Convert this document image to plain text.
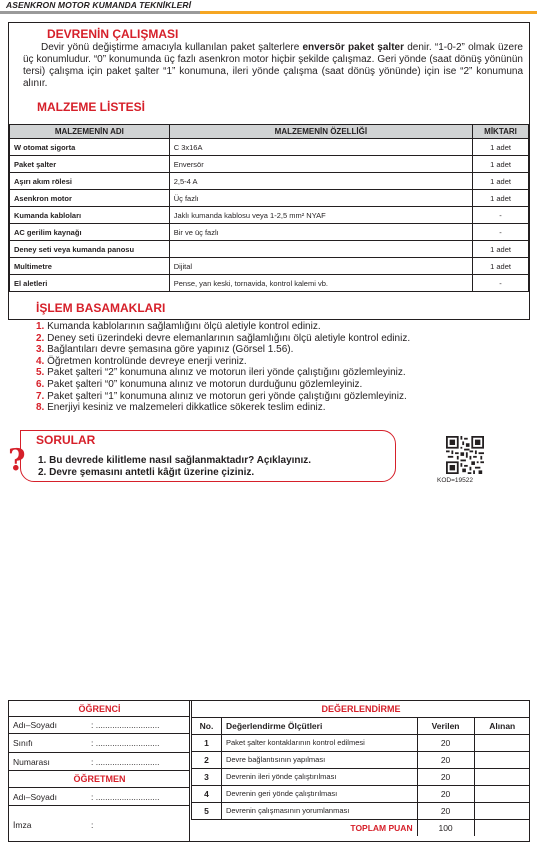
ASENKRON MOTOR KUMANDA TEKNİKLERİ
DEVRENİN ÇALIŞMASI
Devir yönü değiştirme amacıyla kullanılan paket şalterlere enversör paket şalter denir. “1-0-2” olmak üzere üç konumludur. “0” konumunda üç fazlı asenkron motor hiçbir şekilde çalışmaz. Geri yönde (saat dönüş yönünün tersi) çalışma için paket şalter “1” konumuna, ileri yönde çalışma (saat dönüş yönünde) için ise “2” konumuna alınır.
MALZEME LİSTESİ
MALZEMENİN ADI	MALZEMENİN ÖZELLİĞİ	MİKTARI
W otomat sigorta	C 3x16A	1 adet
Paket şalter	Enversör	1 adet
Aşırı akım rölesi	2,5-4 A	1 adet
Asenkron motor	Üç fazlı	1 adet
Kumanda kabloları	Jaklı kumanda kablosu veya 1-2,5 mm² NYAF	-
AC gerilim kaynağı	Bir ve üç fazlı	-
Deney seti veya kumanda panosu		1 adet
Multimetre	Dijital	1 adet
El aletleri	Pense, yan keski, tornavida, kontrol kalemi vb.	-
İŞLEM BASAMAKLARI
1. Kumanda kablolarının sağlamlığını ölçü aletiyle kontrol ediniz.
2. Deney seti üzerindeki devre elemanlarının sağlamlığını ölçü aletiyle kontrol ediniz.
3. Bağlantıları devre şemasına göre yapınız (Görsel 1.56).
4. Öğretmen kontrolünde devreye enerji veriniz.
5. Paket şalteri “2” konumuna alınız ve motorun ileri yönde çalıştığını gözlemleyiniz.
6. Paket şalteri “0” konumuna alınız ve motorun durduğunu gözlemleyiniz.
7. Paket şalteri “1” konumuna alınız ve motorun geri yönde çalıştığını gözlemleyiniz.
8. Enerjiyi kesiniz ve malzemeleri dikkatlice sökerek teslim ediniz.
SORULAR
? 1. Bu devrede kilitleme nasıl sağlanmaktadır? Açıklayınız.
2. Devre şemasını antetli kâğıt üzerine çiziniz.
KOD=19522
ÖĞRENCİ
Adı–Soyadı	: ...........................
Sınıfı	: ...........................
Numarası	: ...........................
ÖĞRETMEN
Adı–Soyadı	: ...........................
İmza	:
DEĞERLENDİRME			
No.	Değerlendirme Ölçütleri	Verilen	Alınan
1	Paket şalter kontaklarının kontrol edilmesi	20	
2	Devre bağlantısının yapılması	20	
3	Devrenin ileri yönde çalıştırılması	20	
4	Devrenin geri yönde çalıştırılması	20	
5	Devrenin çalışmasının yorumlanması	20	
TOPLAM PUAN		100	
